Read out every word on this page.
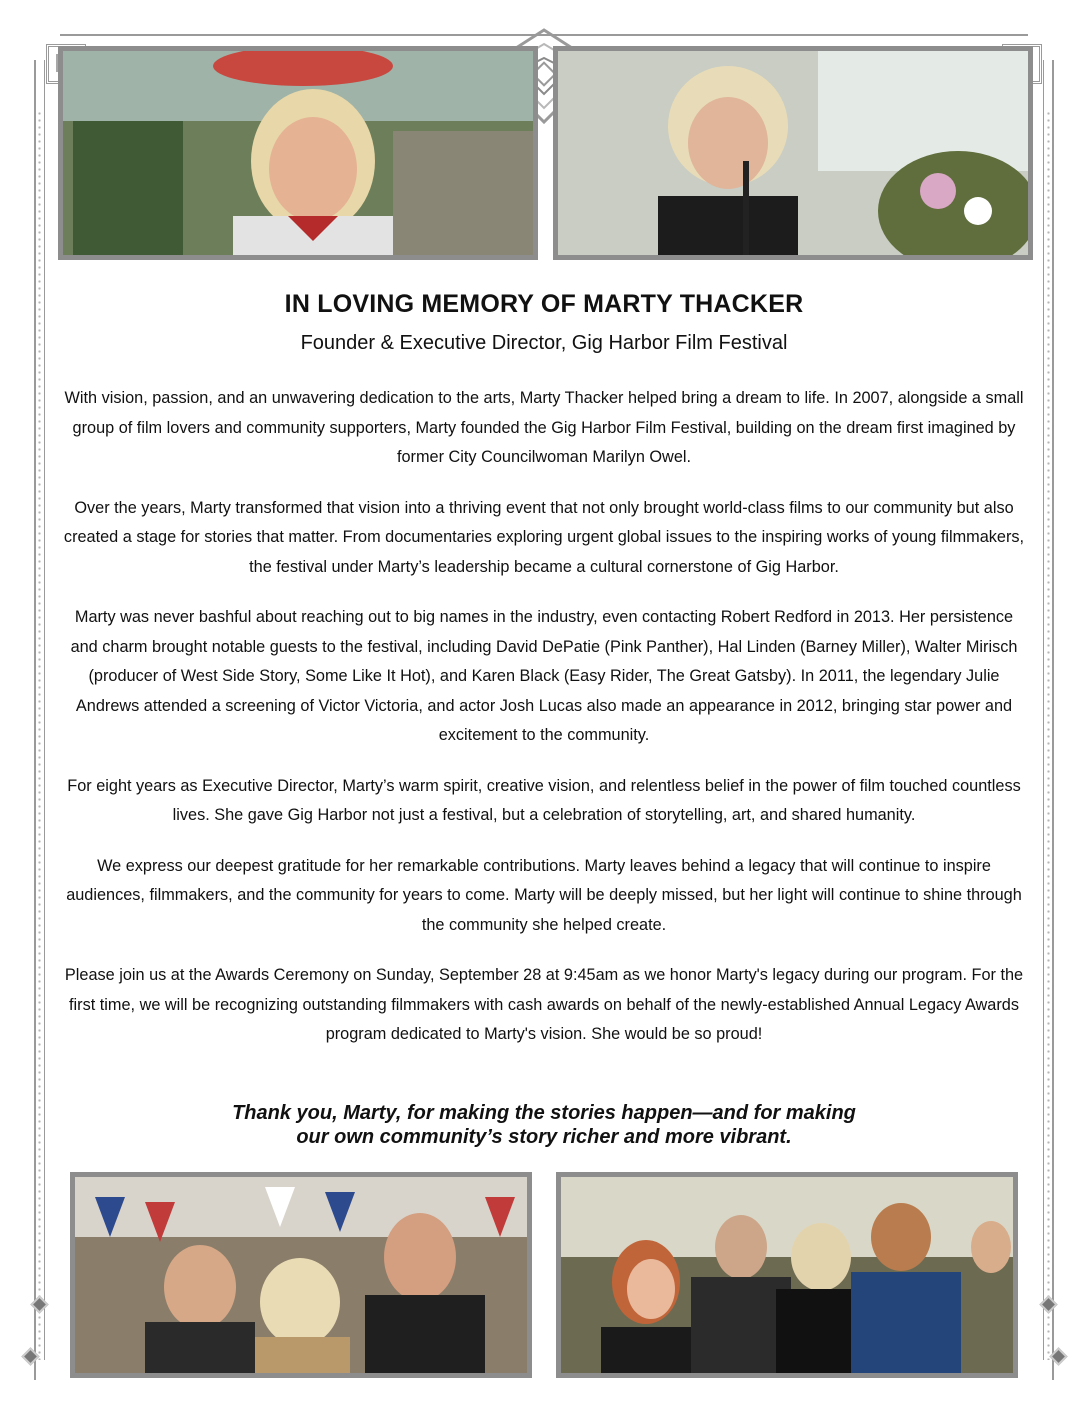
IN LOVING MEMORY OF MARTY THACKER
Founder & Executive Director, Gig Harbor Film Festival

With vision, passion, and an unwavering dedication to the arts, Marty Thacker helped bring a dream to life. In 2007, alongside a small group of film lovers and community supporters, Marty founded the Gig Harbor Film Festival, building on the dream first imagined by former City Councilwoman Marilyn Owel.

Over the years, Marty transformed that vision into a thriving event that not only brought world-class films to our community but also created a stage for stories that matter. From documentaries exploring urgent global issues to the inspiring works of young filmmakers, the festival under Marty’s leadership became a cultural cornerstone of Gig Harbor.

Marty was never bashful about reaching out to big names in the industry, even contacting Robert Redford in 2013. Her persistence and charm brought notable guests to the festival, including David DePatie (Pink Panther), Hal Linden (Barney Miller), Walter Mirisch (producer of West Side Story, Some Like It Hot), and Karen Black (Easy Rider, The Great Gatsby). In 2011, the legendary Julie Andrews attended a screening of Victor Victoria, and actor Josh Lucas also made an appearance in 2012, bringing star power and excitement to the community.

For eight years as Executive Director, Marty’s warm spirit, creative vision, and relentless belief in the power of film touched countless lives. She gave Gig Harbor not just a festival, but a celebration of storytelling, art, and shared humanity.

We express our deepest gratitude for her remarkable contributions. Marty leaves behind a legacy that will continue to inspire audiences, filmmakers, and the community for years to come. Marty will be deeply missed, but her light will continue to shine through the community she helped create.

Please join us at the Awards Ceremony on Sunday, September 28 at 9:45am as we honor Marty's legacy during our program. For the first time, we will be recognizing outstanding filmmakers with cash awards on behalf of the newly-established Annual Legacy Awards program dedicated to Marty's vision. She would be so proud!

Thank you, Marty, for making the stories happen—and for making
our own community’s story richer and more vibrant.
